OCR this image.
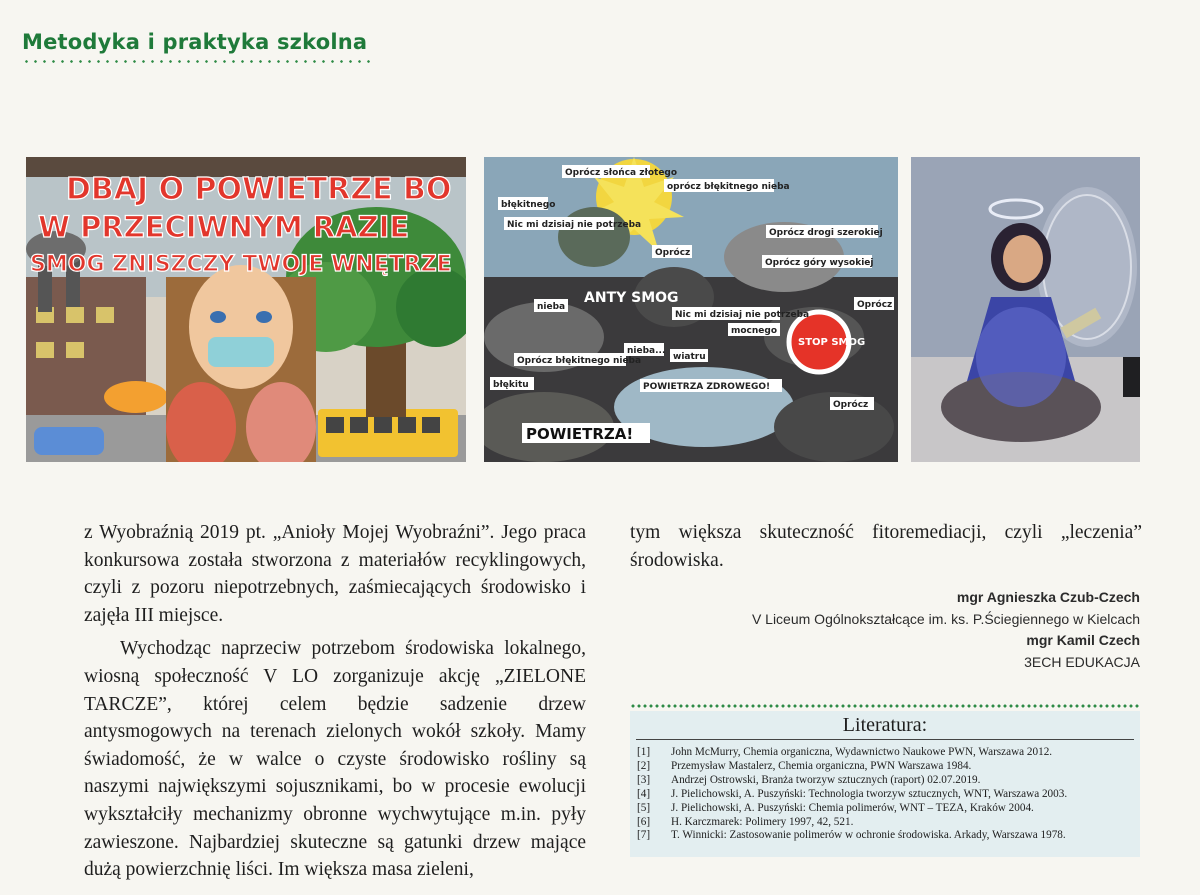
Metodyka i praktyka szkolna
DBAJ O POWIETRZE BO
W PRZECIWNYM RAZIE
SMOG ZNISZCZY TWOJE WNĘTRZE
Oprócz słońca złotego
oprócz błękitnego nieba
błękitnego
Nic mi dzisiaj nie potrzeba
Oprócz drogi szerokiej
Oprócz
Oprócz góry wysokiej
ANTY SMOG
nieba
Nic mi dzisiaj nie potrzeba
mocnego
STOP SMOG
Oprócz
nieba...
wiatru
Oprócz błękitnego nieba
błękitu	POWIETRZA ZDROWEGO!
Oprócz
POWIETRZA!

z Wyobraźnią 2019 pt. „Anioły Mojej Wyobraźni”. Jego praca konkursowa została stworzona z materiałów recyklingowych, czyli z pozoru niepotrzebnych, zaśmiecających środowisko i zajęła III miejsce.

Wychodząc naprzeciw potrzebom środowiska lokalnego, wiosną społeczność V LO zorganizuje akcję „ZIELONE TARCZE”, której celem będzie sadzenie drzew antysmogowych na terenach zielonych wokół szkoły. Mamy świadomość, że w walce o czyste środowisko rośliny są naszymi największymi sojusznikami, bo w procesie ewolucji wykształciły mechanizmy obronne wychwytujące m.in. pyły zawieszone. Najbardziej skuteczne są gatunki drzew mające dużą powierzchnię liści. Im większa masa zieleni,

tym większa skuteczność fitoremediacji, czyli „leczenia” środowiska.

mgr Agnieszka Czub-Czech
V Liceum Ogólnokształcące im. ks. P.Ściegiennego w Kielcach
mgr Kamil Czech
3ECH EDUKACJA
Literatura:
[1]	John McMurry, Chemia organiczna, Wydawnictwo Naukowe PWN, Warszawa 2012.
[2]	Przemysław Mastalerz, Chemia organiczna, PWN Warszawa 1984.
[3]	Andrzej Ostrowski, Branża tworzyw sztucznych (raport) 02.07.2019.
[4]	J. Pielichowski, A. Puszyński: Technologia tworzyw sztucznych, WNT, Warszawa 2003.
[5]	J. Pielichowski, A. Puszyński: Chemia polimerów, WNT – TEZA, Kraków 2004.
[6]	H. Karczmarek: Polimery 1997, 42, 521.
[7]	T. Winnicki: Zastosowanie polimerów w ochronie środowiska. Arkady, Warszawa 1978.
